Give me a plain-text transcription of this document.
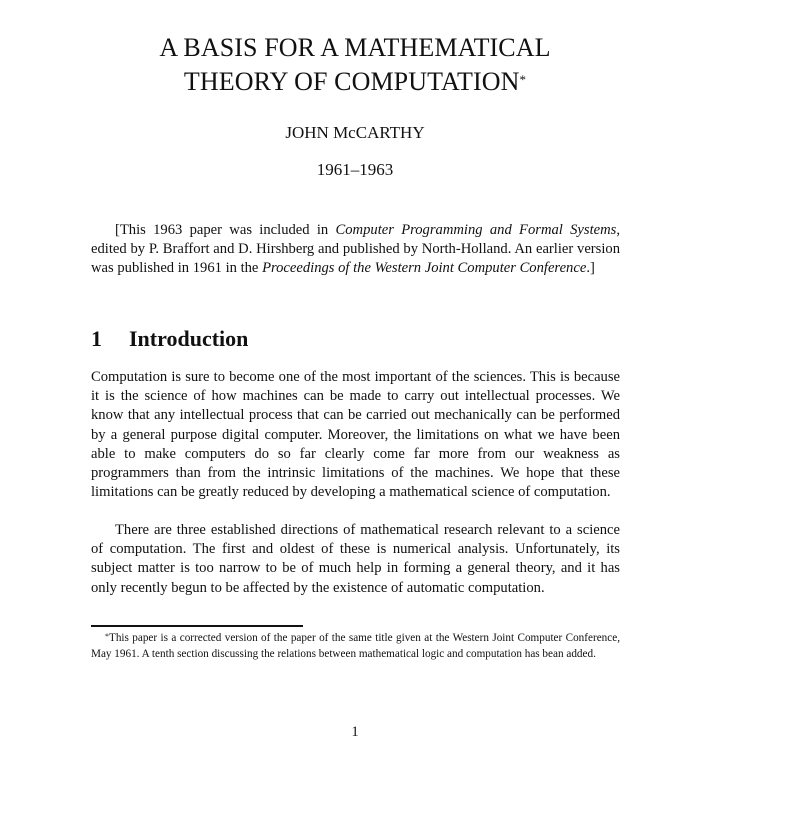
A BASIS FOR A MATHEMATICAL
THEORY OF COMPUTATION*
JOHN McCARTHY
1961–1963

[This 1963 paper was included in Computer Programming and Formal Systems, edited by P. Braffort and D. Hirshberg and published by North-Holland. An earlier version was published in 1961 in the Proceedings of the Western Joint Computer Conference.]

1 Introduction

Computation is sure to become one of the most important of the sciences. This is because it is the science of how machines can be made to carry out intellectual processes. We know that any intellectual process that can be carried out mechanically can be performed by a general purpose digital computer. Moreover, the limitations on what we have been able to make computers do so far clearly come far more from our weakness as programmers than from the intrinsic limitations of the machines. We hope that these limitations can be greatly reduced by developing a mathematical science of computation.

There are three established directions of mathematical research relevant to a science of computation. The first and oldest of these is numerical analysis. Unfortunately, its subject matter is too narrow to be of much help in forming a general theory, and it has only recently begun to be affected by the existence of automatic computation.

*This paper is a corrected version of the paper of the same title given at the Western Joint Computer Conference, May 1961. A tenth section discussing the relations between mathematical logic and computation has bean added.

1
